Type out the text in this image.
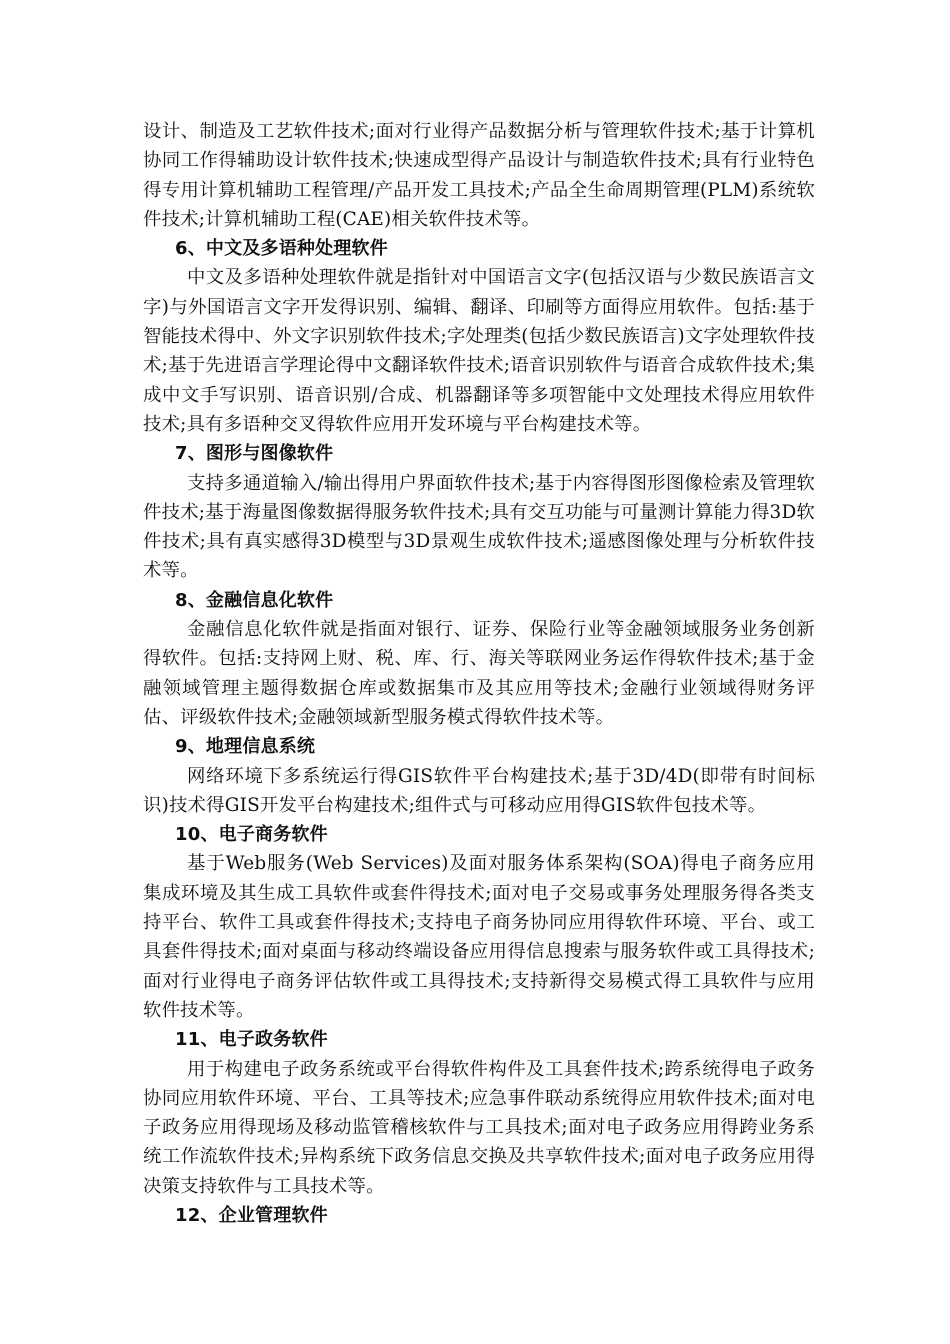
设计、制造及工艺软件技术;面对行业得产品数据分析与管理软件技术;基于计算机协同工作得辅助设计软件技术;快速成型得产品设计与制造软件技术;具有行业特色得专用计算机辅助工程管理/产品开发工具技术;产品全生命周期管理(PLM)系统软件技术;计算机辅助工程(CAE)相关软件技术等。

6、中文及多语种处理软件

中文及多语种处理软件就是指针对中国语言文字(包括汉语与少数民族语言文字)与外国语言文字开发得识别、编辑、翻译、印刷等方面得应用软件。包括:基于智能技术得中、外文字识别软件技术;字处理类(包括少数民族语言)文字处理软件技术;基于先进语言学理论得中文翻译软件技术;语音识别软件与语音合成软件技术;集成中文手写识别、语音识别/合成、机器翻译等多项智能中文处理技术得应用软件技术;具有多语种交叉得软件应用开发环境与平台构建技术等。

7、图形与图像软件

支持多通道输入/输出得用户界面软件技术;基于内容得图形图像检索及管理软件技术;基于海量图像数据得服务软件技术;具有交互功能与可量测计算能力得3D软件技术;具有真实感得3D模型与3D景观生成软件技术;遥感图像处理与分析软件技术等。

8、金融信息化软件

金融信息化软件就是指面对银行、证券、保险行业等金融领域服务业务创新得软件。包括:支持网上财、税、库、行、海关等联网业务运作得软件技术;基于金融领域管理主题得数据仓库或数据集市及其应用等技术;金融行业领域得财务评估、评级软件技术;金融领域新型服务模式得软件技术等。

9、地理信息系统

网络环境下多系统运行得GIS软件平台构建技术;基于3D/4D(即带有时间标识)技术得GIS开发平台构建技术;组件式与可移动应用得GIS软件包技术等。

10、电子商务软件

基于Web服务(Web Services)及面对服务体系架构(SOA)得电子商务应用集成环境及其生成工具软件或套件得技术;面对电子交易或事务处理服务得各类支持平台、软件工具或套件得技术;支持电子商务协同应用得软件环境、平台、或工具套件得技术;面对桌面与移动终端设备应用得信息搜索与服务软件或工具得技术;面对行业得电子商务评估软件或工具得技术;支持新得交易模式得工具软件与应用软件技术等。

11、电子政务软件

用于构建电子政务系统或平台得软件构件及工具套件技术;跨系统得电子政务协同应用软件环境、平台、工具等技术;应急事件联动系统得应用软件技术;面对电子政务应用得现场及移动监管稽核软件与工具技术;面对电子政务应用得跨业务系统工作流软件技术;异构系统下政务信息交换及共享软件技术;面对电子政务应用得决策支持软件与工具技术等。

12、企业管理软件
